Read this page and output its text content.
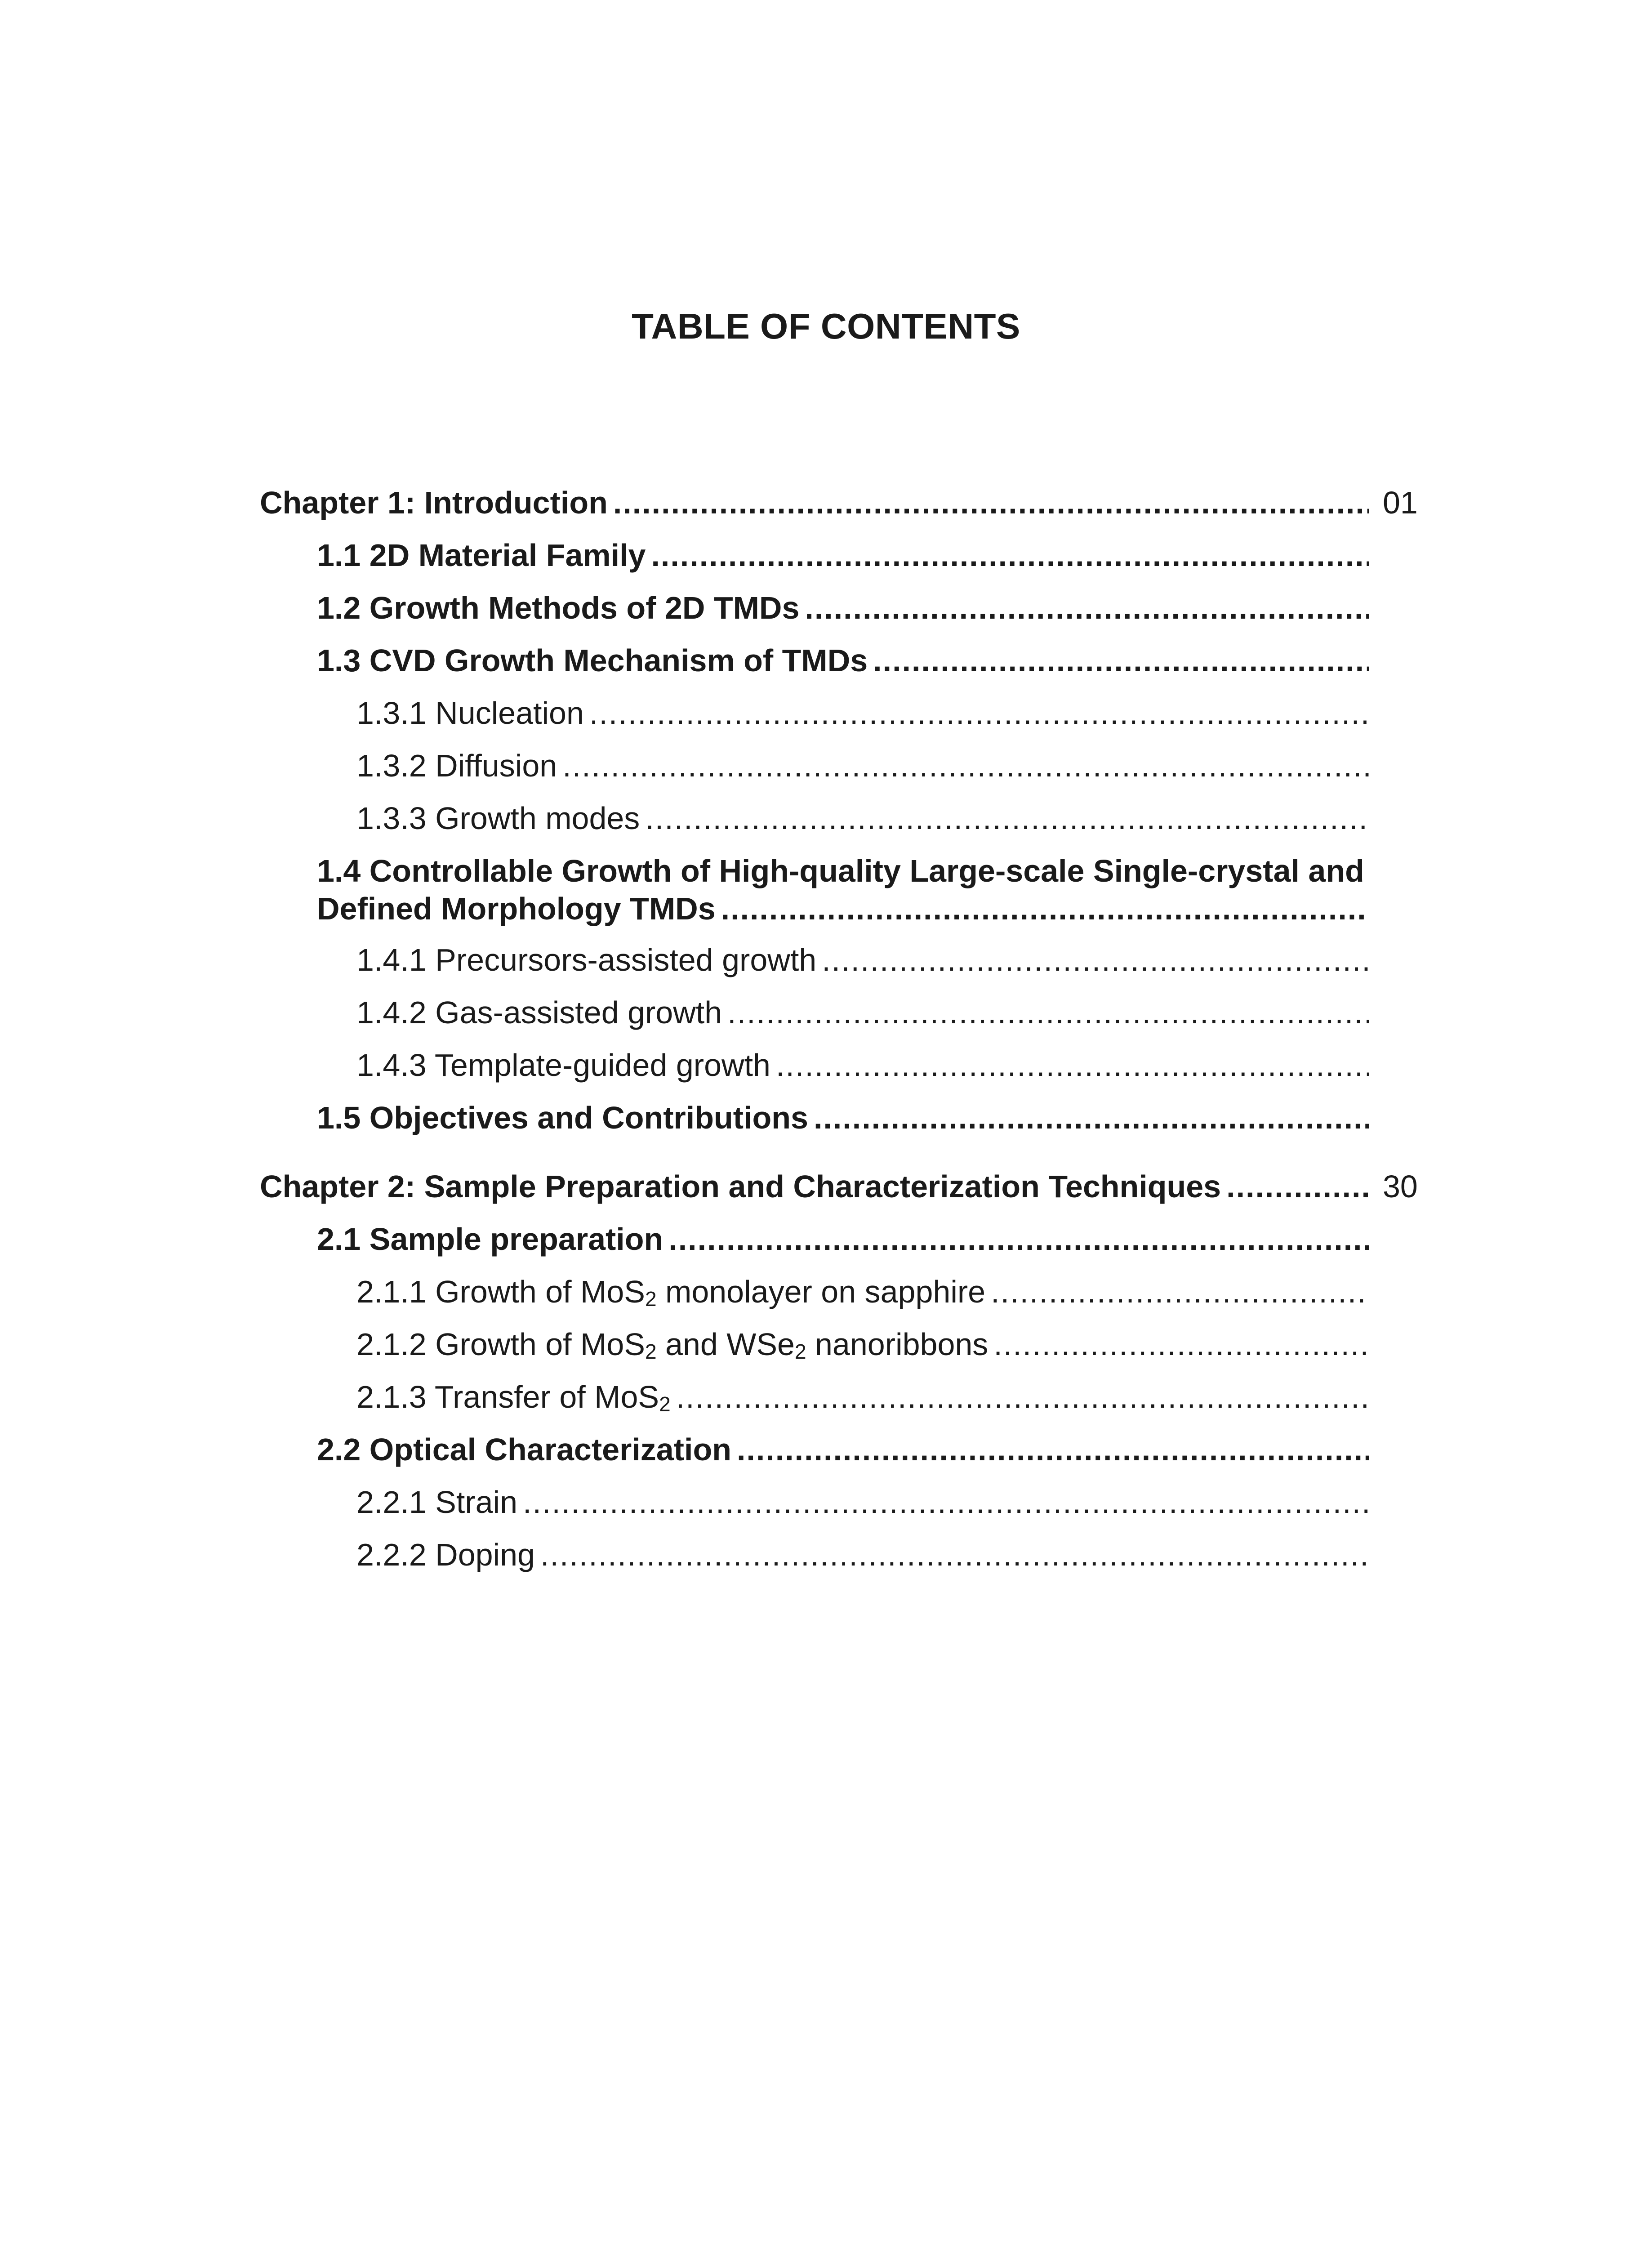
TABLE OF CONTENTS
Chapter 1: Introduction .....	01
1.1 2D Material Family
.....
1.2 Growth Methods of 2D TMDs
.....
1.3 CVD Growth Mechanism of TMDs
.....
1.3.1 Nucleation
.....
1.3.2 Diffusion
.....
1.3.3 Growth modes
.....
1.4 Controllable Growth of High-quality Large-scale Single-crystal and
Defined Morphology TMDs
.....
1.4.1 Precursors-assisted growth
.....
1.4.2 Gas-assisted growth
.....
1.4.3 Template-guided growth
.....
1.5 Objectives and Contributions
.....
Chapter 2: Sample Preparation and Characterization Techniques .....	30
2.1 Sample preparation
.....
2.1.1 Growth of MoS$_2$ monolayer on sapphire
.....
2.1.2 Growth of MoS$_2$ and WSe$_2$ nanoribbons
.....
2.1.3 Transfer of MoS$_2$
.....
2.2 Optical Characterization
.....
2.2.1 Strain
.....
2.2.2 Doping
.....
